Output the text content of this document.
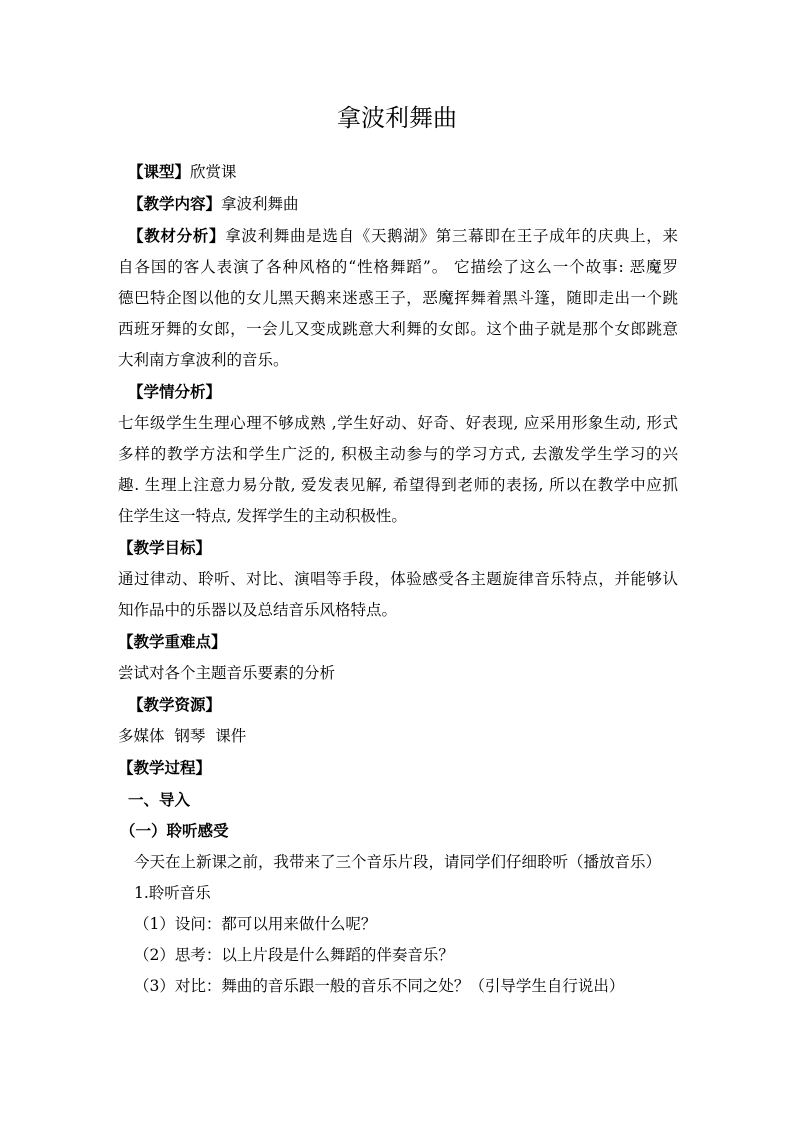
拿波利舞曲
【课型】欣赏课
【教学内容】拿波利舞曲
【教材分析】拿波利舞曲是选自《天鹅湖》第三幕即在王子成年的庆典上，来
自各国的客人表演了各种风格的“性格舞蹈”。 它描绘了这么一个故事: 恶魔罗
德巴特企图以他的女儿黑天鹅来迷惑王子，恶魔挥舞着黑斗篷，随即走出一个跳
西班牙舞的女郎，一会儿又变成跳意大利舞的女郎。这个曲子就是那个女郎跳意
大利南方拿波利的音乐。
【学情分析】
七年级学生生理心理不够成熟 ,学生好动、好奇、好表现, 应采用形象生动, 形式
多样的教学方法和学生广泛的, 积极主动参与的学习方式, 去激发学生学习的兴
趣. 生理上注意力易分散, 爱发表见解, 希望得到老师的表扬, 所以在教学中应抓
住学生这一特点, 发挥学生的主动积极性。
【教学目标】
通过律动、聆听、对比、演唱等手段，体验感受各主题旋律音乐特点，并能够认
知作品中的乐器以及总结音乐风格特点。
【教学重难点】
尝试对各个主题音乐要素的分析
【教学资源】
多媒体  钢琴  课件
【教学过程】
一、导入
（一）聆听感受
今天在上新课之前，我带来了三个音乐片段，请同学们仔细聆听（播放音乐）
1.聆听音乐
（1）设问：都可以用来做什么呢？
（2）思考：以上片段是什么舞蹈的伴奏音乐？
（3）对比：舞曲的音乐跟一般的音乐不同之处？（引导学生自行说出）
